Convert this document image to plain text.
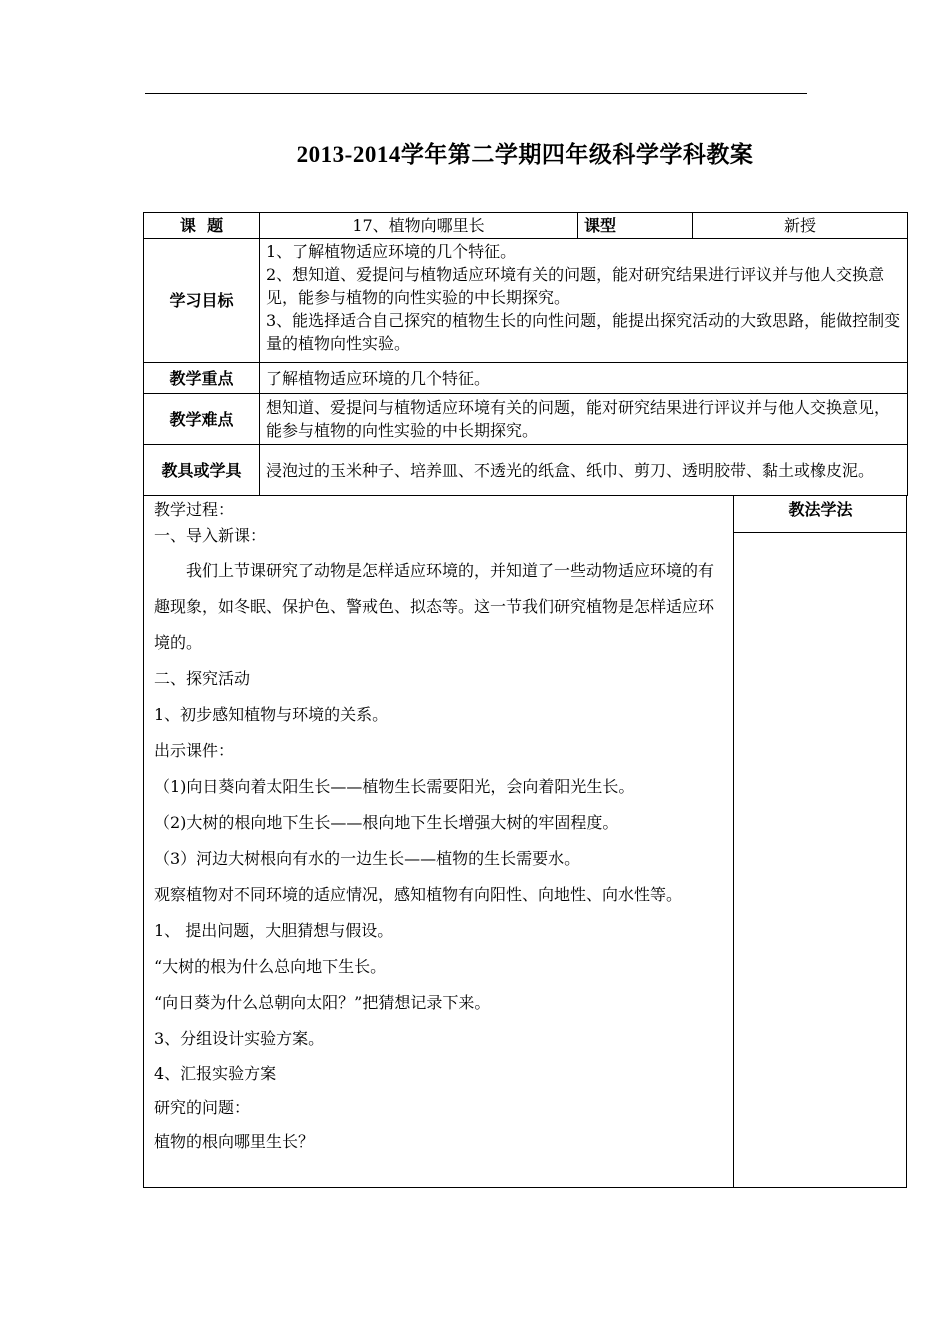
2013-2014学年第二学期四年级科学学科教案
课  题	17、植物向哪里长	课型	新授
学习目标	1、了解植物适应环境的几个特征。
2、想知道、爱提问与植物适应环境有关的问题，能对研究结果进行评议并与他人交换意见，能参与植物的向性实验的中长期探究。
3、能选择适合自己探究的植物生长的向性问题，能提出探究活动的大致思路，能做控制变量的植物向性实验。		

教学重点	了解植物适应环境的几个特征。		
教学难点	想知道、爱提问与植物适应环境有关的问题，能对研究结果进行评议并与他人交换意见，能参与植物的向性实验的中长期探究。		
教具或学具	浸泡过的玉米种子、培养皿、不透光的纸盒、纸巾、剪刀、透明胶带、黏土或橡皮泥。		
教法学法
教学过程：
一、导入新课：

我们上节课研究了动物是怎样适应环境的，并知道了一些动物适应环境的有趣现象，如冬眠、保护色、警戒色、拟态等。这一节我们研究植物是怎样适应环境的。

二、探究活动

1、初步感知植物与环境的关系。

出示课件：

（1)向日葵向着太阳生长——植物生长需要阳光，会向着阳光生长。

（2)大树的根向地下生长——根向地下生长增强大树的牢固程度。

（3）河边大树根向有水的一边生长——植物的生长需要水。

观察植物对不同环境的适应情况，感知植物有向阳性、向地性、向水性等。

1、 提出问题，大胆猜想与假设。

“大树的根为什么总向地下生长。

“向日葵为什么总朝向太阳？”把猜想记录下来。

3、分组设计实验方案。

4、汇报实验方案

研究的问题：

植物的根向哪里生长？
